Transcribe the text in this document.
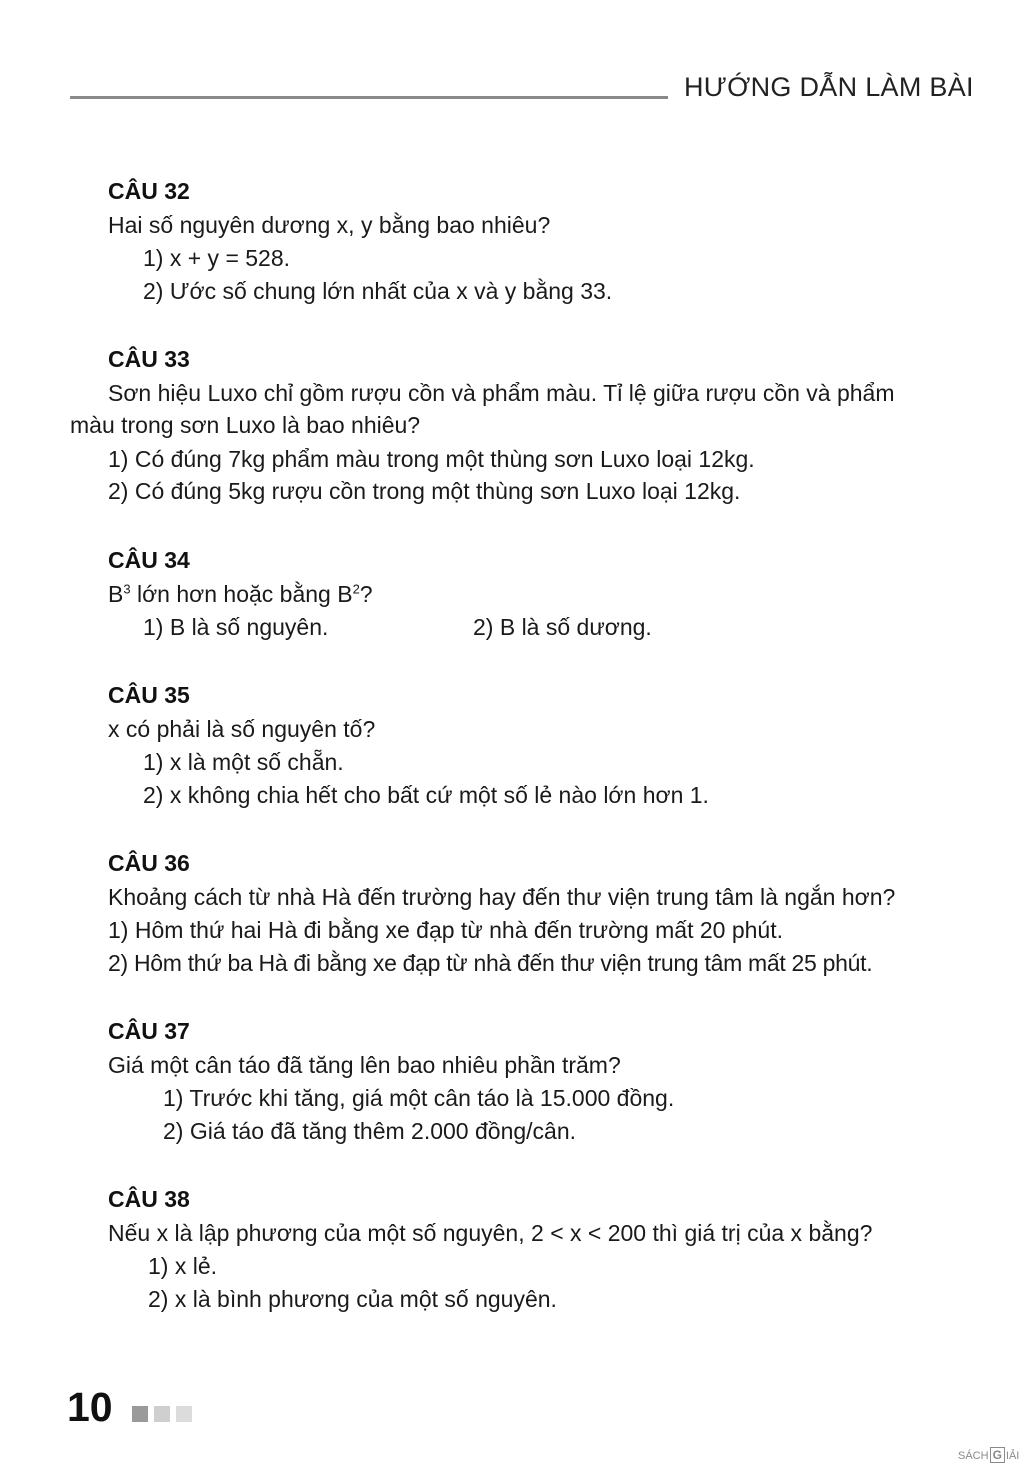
HƯỚNG DẪN LÀM BÀI
CÂU 32
Hai số nguyên dương x, y bằng bao nhiêu?
1) x + y = 528.
2) Ước số chung lớn nhất của x và y bằng 33.
CÂU 33
Sơn hiệu Luxo chỉ gồm rượu cồn và phẩm màu. Tỉ lệ giữa rượu cồn và phẩm
màu trong sơn Luxo là bao nhiêu?
1) Có đúng 7kg phẩm màu trong một thùng sơn Luxo loại 12kg.
2) Có đúng 5kg rượu cồn trong một thùng sơn Luxo loại 12kg.
CÂU 34
$B^3$ lớn hơn hoặc bằng $B^2$?
1) B là số nguyên.	2) B là số dương.
CÂU 35
x có phải là số nguyên tố?
1) x là một số chẵn.
2) x không chia hết cho bất cứ một số lẻ nào lớn hơn 1.
CÂU 36
Khoảng cách từ nhà Hà đến trường hay đến thư viện trung tâm là ngắn hơn?
1) Hôm thứ hai Hà đi bằng xe đạp từ nhà đến trường mất 20 phút.
2) Hôm thứ ba Hà đi bằng xe đạp từ nhà đến thư viện trung tâm mất 25 phút.
CÂU 37
Giá một cân táo đã tăng lên bao nhiêu phần trăm?
1) Trước khi tăng, giá một cân táo là 15.000 đồng.
2) Giá táo đã tăng thêm 2.000 đồng/cân.
CÂU 38
Nếu x là lập phương của một số nguyên, 2 < x < 200 thì giá trị của x bằng?
1) x lẻ.
2) x là bình phương của một số nguyên.
10
SÁCH G IẢI
